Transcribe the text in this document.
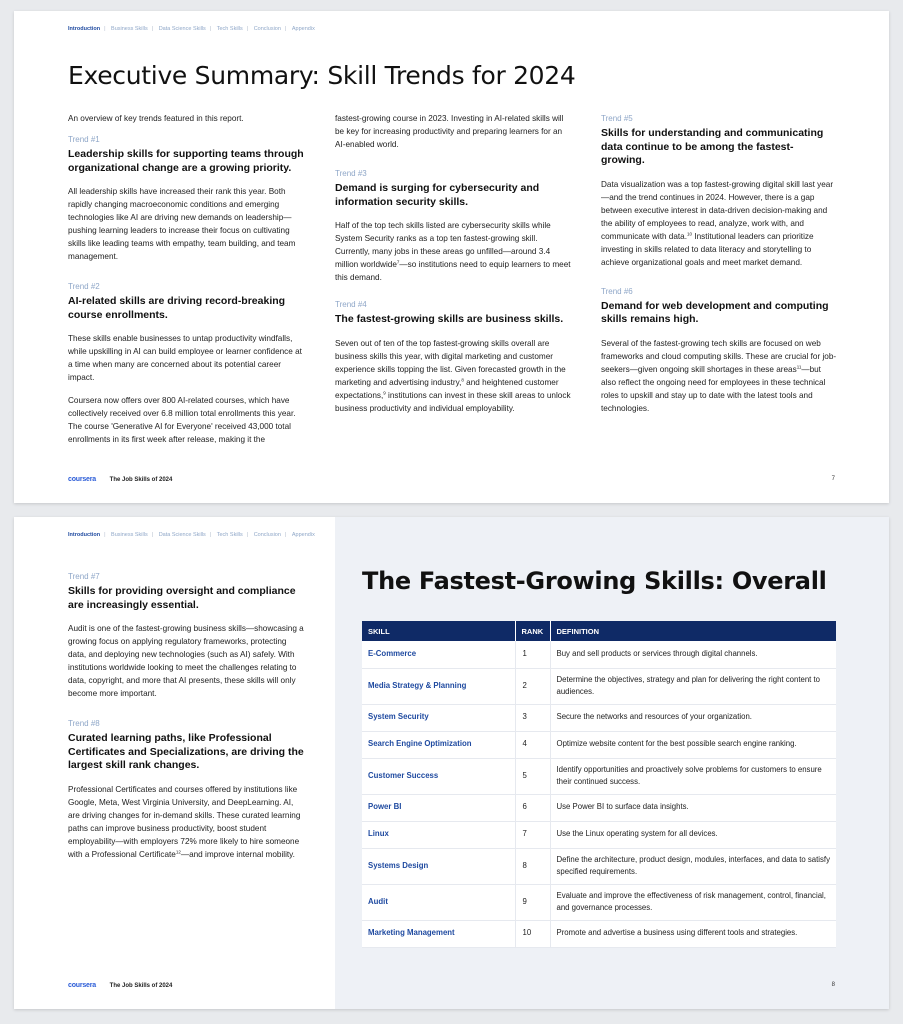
Introduction | Business Skills | Data Science Skills | Tech Skills | Conclusion | Appendix
Executive Summary: Skill Trends for 2024

An overview of key trends featured in this report.

Trend #1
Leadership skills for supporting teams through organizational change are a growing priority.

All leadership skills have increased their rank this year. Both rapidly changing macroeconomic conditions and emerging technologies like AI are driving new demands on leadership—pushing learning leaders to increase their focus on cultivating skills like leading teams with empathy, team building, and team management.

Trend #2
AI-related skills are driving record-breaking course enrollments.

These skills enable businesses to untap productivity windfalls, while upskilling in AI can build employee or learner confidence at a time when many are concerned about its potential career impact.

Coursera now offers over 800 AI-related courses, which have collectively received over 6.8 million total enrollments this year. The course 'Generative AI for Everyone' received 43,000 total enrollments in its first week after release, making it the

fastest-growing course in 2023. Investing in AI-related skills will be key for increasing productivity and preparing learners for an AI-enabled world.

Trend #3
Demand is surging for cybersecurity and information security skills.

Half of the top tech skills listed are cybersecurity skills while System Security ranks as a top ten fastest-growing skill. Currently, many jobs in these areas go unfilled—around 3.4 million worldwide$^7$—so institutions need to equip learners to meet this demand.

Trend #4
The fastest-growing skills are business skills.

Seven out of ten of the top fastest-growing skills overall are business skills this year, with digital marketing and customer experience skills topping the list. Given forecasted growth in the marketing and advertising industry,$^8$ and heightened customer expectations,$^9$ institutions can invest in these skill areas to unlock business productivity and individual employability.

Trend #5
Skills for understanding and communicating data continue to be among the fastest-growing.

Data visualization was a top fastest-growing digital skill last year—and the trend continues in 2024. However, there is a gap between executive interest in data-driven decision-making and the ability of employees to read, analyze, work with, and communicate with data.$^{10}$ Institutional leaders can prioritize investing in skills related to data literacy and storytelling to achieve organizational goals and meet market demand.

Trend #6
Demand for web development and computing skills remains high.

Several of the fastest-growing tech skills are focused on web frameworks and cloud computing skills. These are crucial for job-seekers—given ongoing skill shortages in these areas$^{11}$—but also reflect the ongoing need for employees in these technical roles to upskill and stay up to date with the latest tools and technologies.

coursera The Job Skills of 2024	7
Introduction | Business Skills | Data Science Skills | Tech Skills | Conclusion | Appendix
Trend #7
Skills for providing oversight and compliance are increasingly essential.

Audit is one of the fastest-growing business skills—showcasing a growing focus on applying regulatory frameworks, protecting data, and deploying new technologies (such as AI) safely. With institutions worldwide looking to meet the challenges relating to data, copyright, and more that AI presents, these skills will only become more important.

Trend #8
Curated learning paths, like Professional Certificates and Specializations, are driving the largest skill rank changes.

Professional Certificates and courses offered by institutions like Google, Meta, West Virginia University, and DeepLearning. AI, are driving changes for in-demand skills. These curated learning paths can improve business productivity, boost student employability—with employers 72% more likely to hire someone with a Professional Certificate$^{12}$—and improve internal mobility.

The Fastest-Growing Skills: Overall
SKILL	RANK	DEFINITION
E-Commerce	1	Buy and sell products or services through digital channels.
Media Strategy & Planning	2	Determine the objectives, strategy and plan for delivering the right content to audiences.
System Security	3	Secure the networks and resources of your organization.
Search Engine Optimization	4	Optimize website content for the best possible search engine ranking.
Customer Success	5	Identify opportunities and proactively solve problems for customers to ensure their continued success.
Power BI	6	Use Power BI to surface data insights.
Linux	7	Use the Linux operating system for all devices.
Systems Design	8	Define the architecture, product design, modules, interfaces, and data to satisfy specified requirements.
Audit	9	Evaluate and improve the effectiveness of risk management, control, financial, and governance processes.
Marketing Management	10	Promote and advertise a business using different tools and strategies.
coursera The Job Skills of 2024	8
